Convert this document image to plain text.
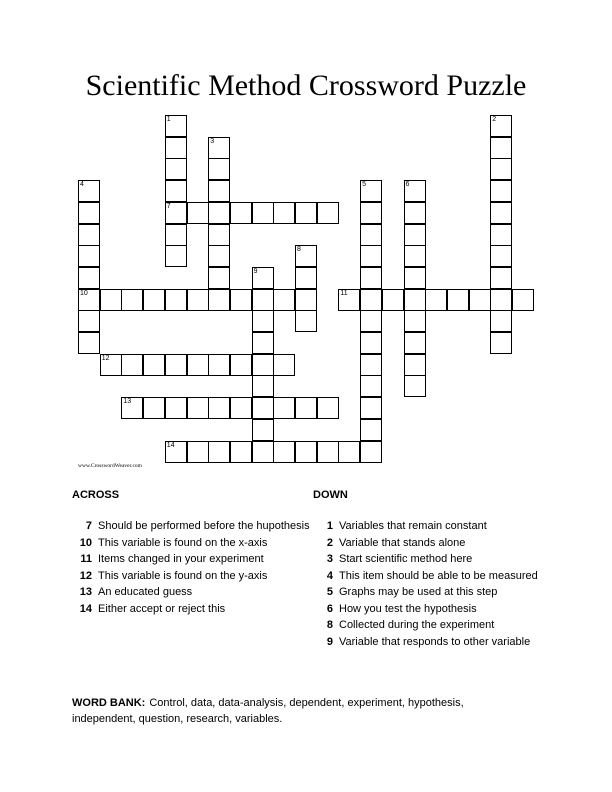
Scientific Method Crossword Puzzle
1
7
2
3
4
10
5	6
8
9
11
12
13
14
www.CrosswordWeaver.com
ACROSS
7 Should be performed before the hupothesis
10 This variable is found on the x-axis
11 Items changed in your experiment
12 This variable is found on the y-axis
13 An educated guess
14 Either accept or reject this
DOWN
1 Variables that remain constant
2 Variable that stands alone
3 Start scientific method here
4 This item should be able to be measured
5 Graphs may be used at this step
6 How you test the hypothesis
8 Collected during the experiment
9 Variable that responds to other variable
WORD BANK: Control, data, data-analysis, dependent, experiment, hypothesis, independent, question, research, variables.
